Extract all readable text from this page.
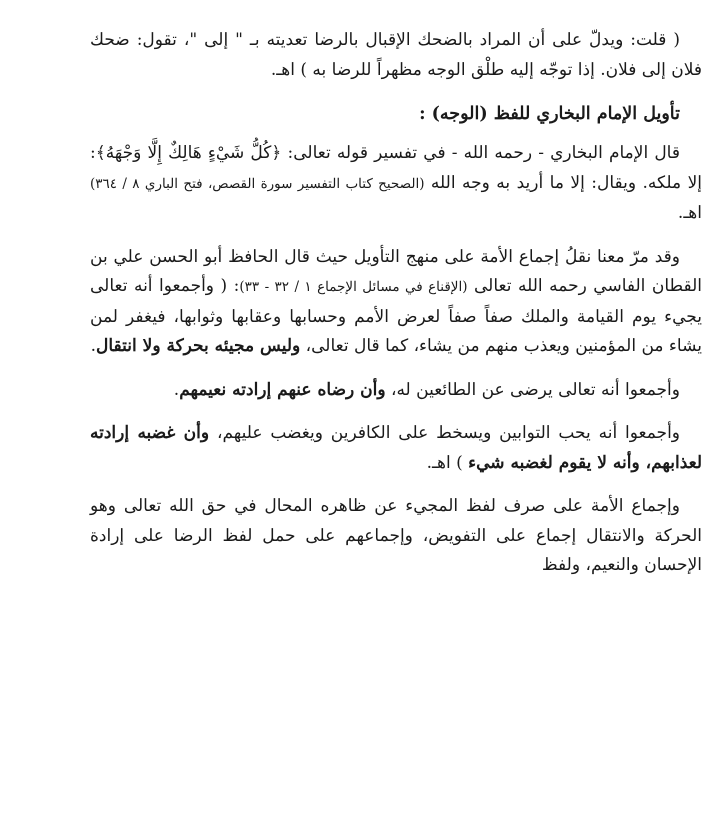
( قلت: ويدلّ على أن المراد بالضحك الإقبال بالرضا تعديته بـ " إلى "، تقول: ضحك فلان إلى فلان. إذا توجّه إليه طلْق الوجه مظهراً للرضا به ) اهـ.

تأويل الإمام البخاري للفظ (الوجه) :

قال الإمام البخاري - رحمه الله - في تفسير قوله تعالى: ﴿كُلُّ شَيْءٍ هَالِكٌ إِلَّا وَجْهَهُ﴾: إلا ملكه. ويقال: إلا ما أريد به وجه الله (الصحيح كتاب التفسير سورة القصص، فتح الباري ٨ / ٣٦٤) اهـ.

وقد مرّ معنا نقلُ إجماع الأمة على منهج التأويل حيث قال الحافظ أبو الحسن علي بن القطان الفاسي رحمه الله تعالى (الإقناع في مسائل الإجماع ١ / ٣٢ - ٣٣): ( وأجمعوا أنه تعالى يجيء يوم القيامة والملك صفاً صفاً لعرض الأمم وحسابها وعقابها وثوابها، فيغفر لمن يشاء من المؤمنين ويعذب منهم من يشاء، كما قال تعالى، وليس مجيئه بحركة ولا انتقال.

وأجمعوا أنه تعالى يرضى عن الطائعين له، وأن رضاه عنهم إرادته نعيمهم.

وأجمعوا أنه يحب التوابين ويسخط على الكافرين ويغضب عليهم، وأن غضبه إرادته لعذابهم، وأنه لا يقوم لغضبه شيء ) اهـ.

وإجماع الأمة على صرف لفظ المجيء عن ظاهره المحال في حق الله تعالى وهو الحركة والانتقال إجماع على التفويض، وإجماعهم على حمل لفظ الرضا على إرادة الإحسان والنعيم، ولفظ
